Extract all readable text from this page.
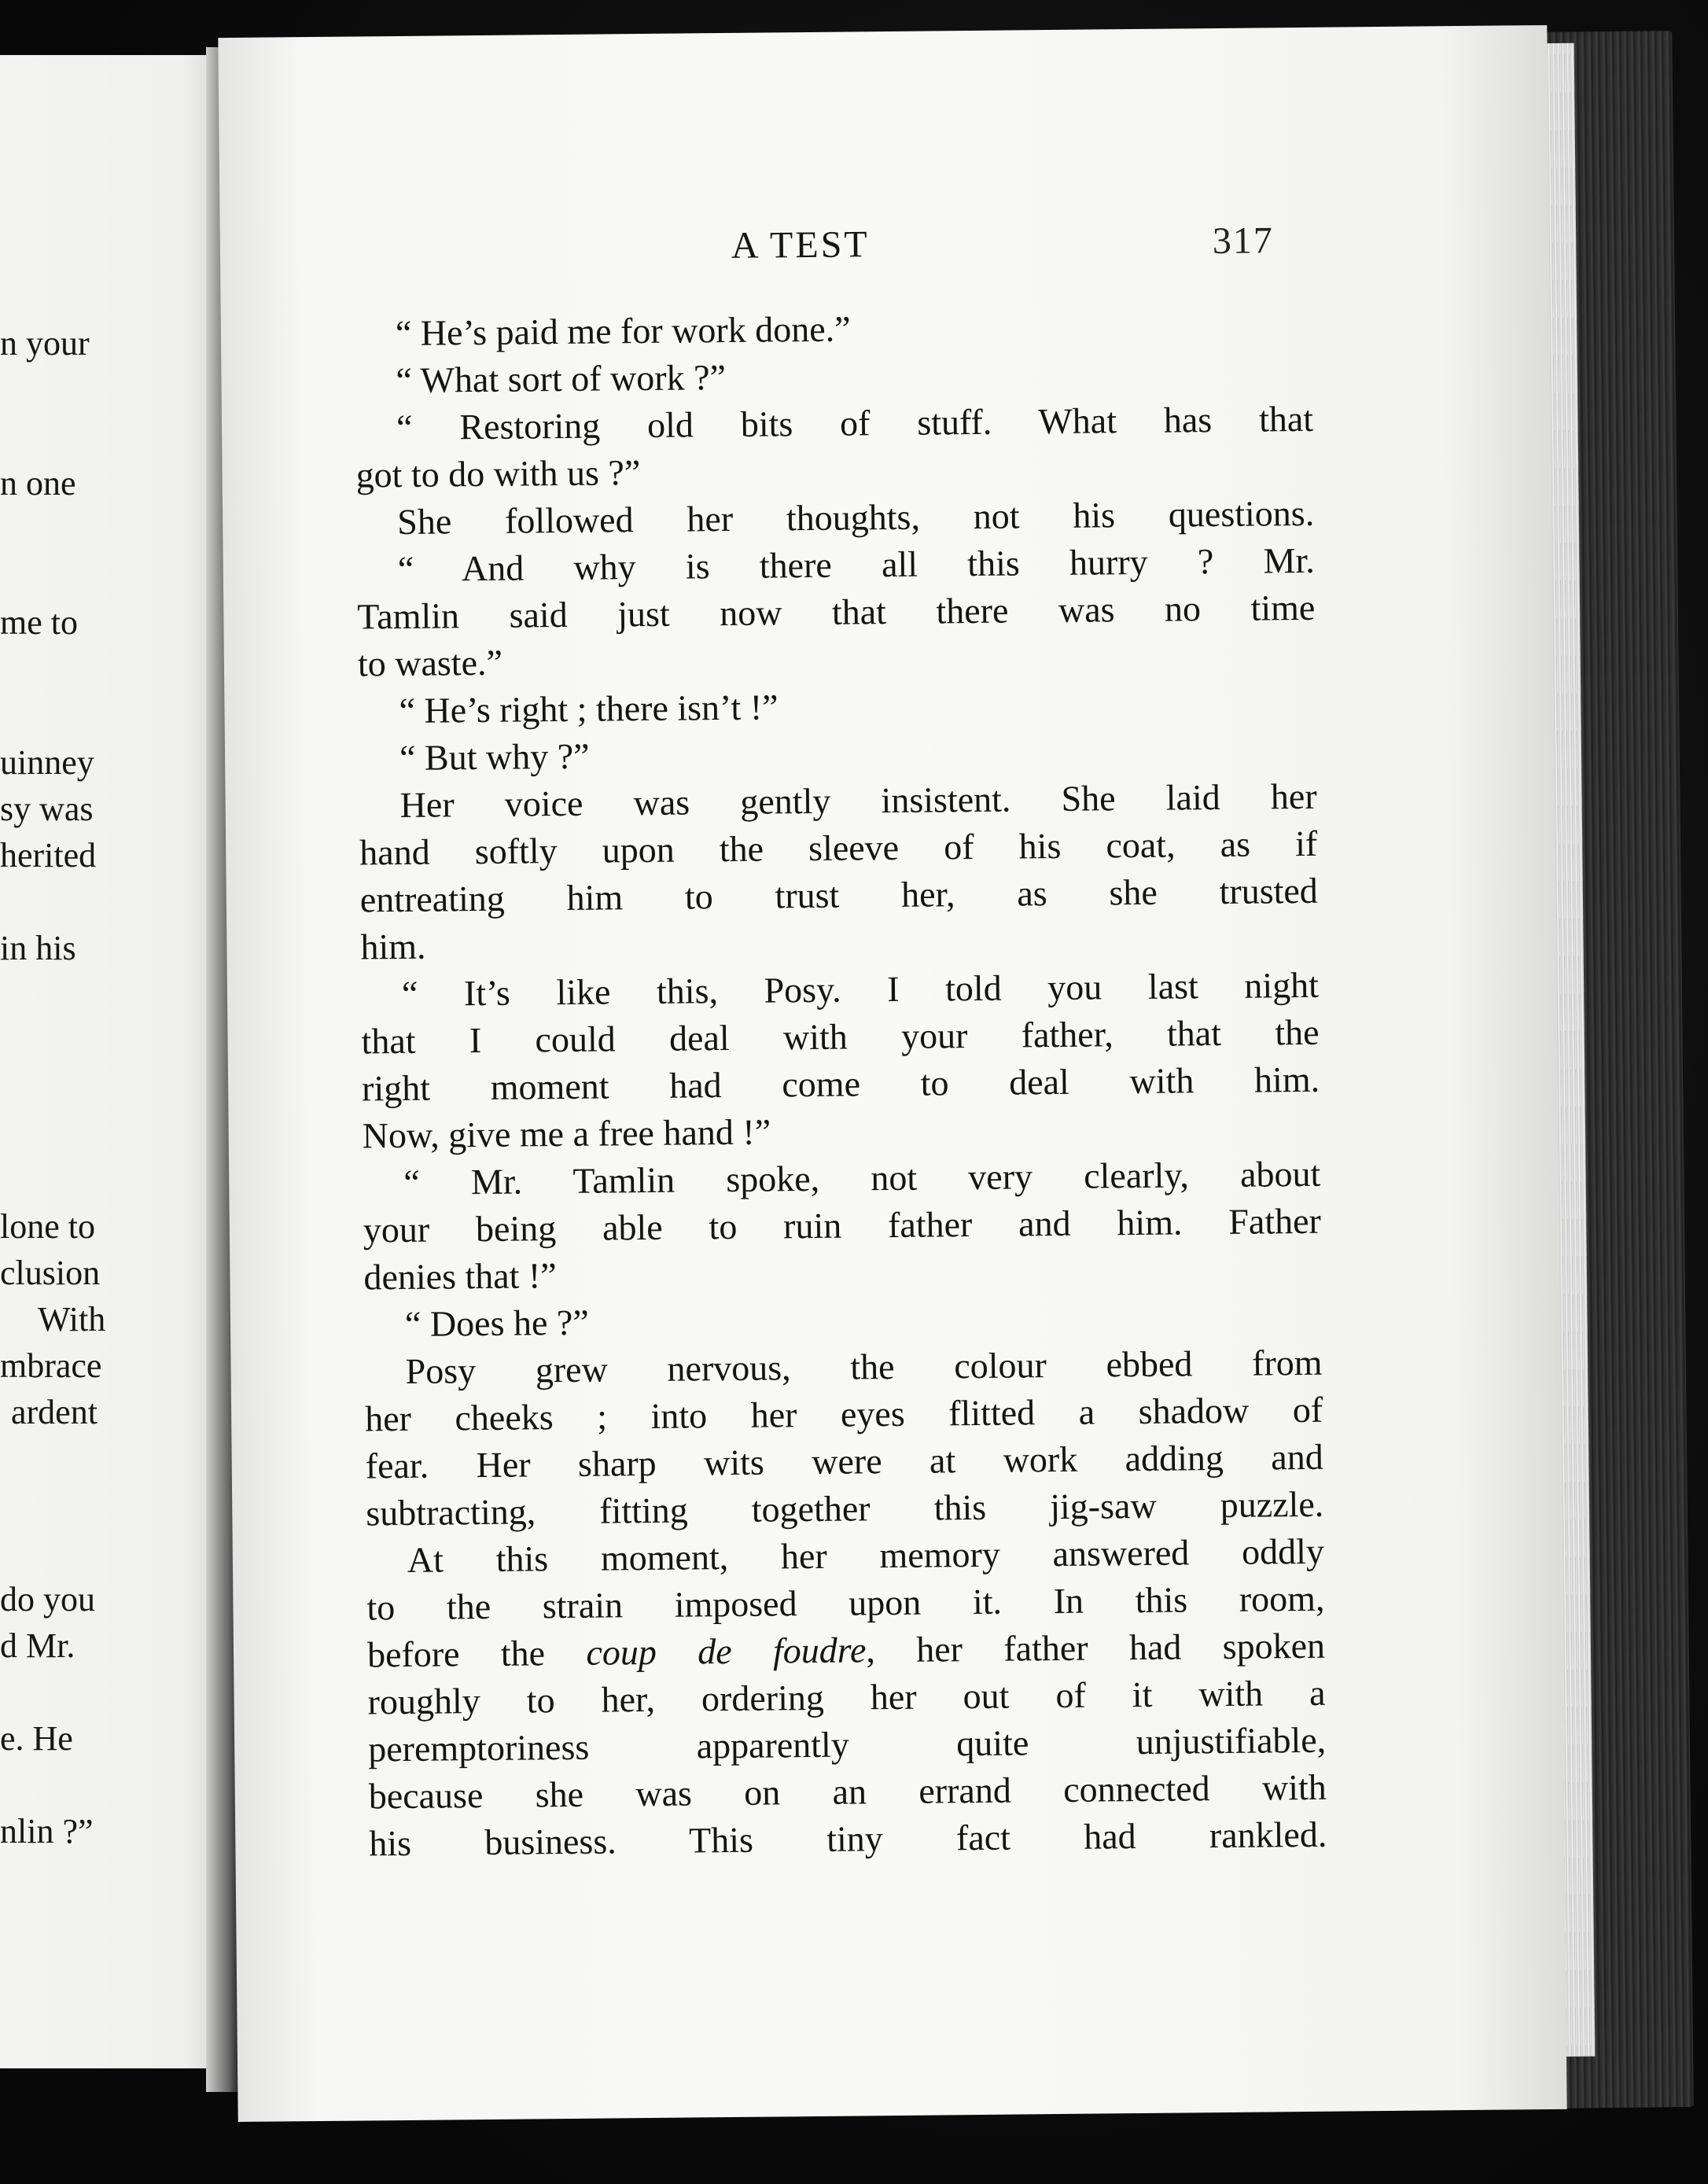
n your
n one
me to
uinney
sy was
herited
in his
lone to
clusion
With
mbrace
ardent
do you
d Mr.
e. He
nlin ?”
A TEST	317
“ He’s paid me for work done.”
“ What sort of work ?”
“ Restoring old bits of stuff. What has that
got to do with us ?”
She followed her thoughts, not his questions.
“ And why is there all this hurry ? Mr.
Tamlin said just now that there was no time
to waste.”
“ He’s right ; there isn’t !”
“ But why ?”
Her voice was gently insistent. She laid her
hand softly upon the sleeve of his coat, as if
entreating him to trust her, as she trusted
him.
“ It’s like this, Posy. I told you last night
that I could deal with your father, that the
right moment had come to deal with him.
Now, give me a free hand !”
“ Mr. Tamlin spoke, not very clearly, about
your being able to ruin father and him. Father
denies that !”
“ Does he ?”
Posy grew nervous, the colour ebbed from
her cheeks ; into her eyes flitted a shadow of
fear. Her sharp wits were at work adding and
subtracting, fitting together this jig-saw puzzle.
At this moment, her memory answered oddly
to the strain imposed upon it. In this room,
before the coup de foudre, her father had spoken
roughly to her, ordering her out of it with a
peremptoriness apparently quite unjustifiable,
because she was on an errand connected with
his business. This tiny fact had rankled.
